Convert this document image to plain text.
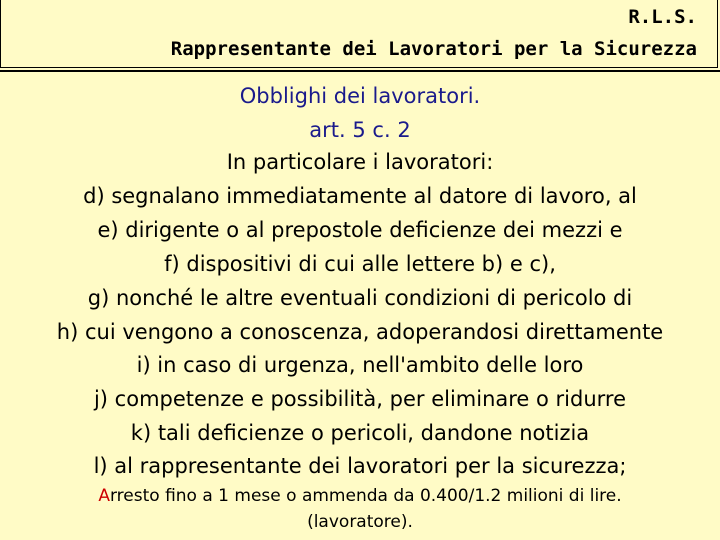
R.L.S.

Rappresentante dei Lavoratori per la Sicurezza

Obblighi dei lavoratori.

art. 5 c. 2

In particolare i lavoratori:

d) segnalano immediatamente al datore di lavoro, al

e) dirigente o al prepostole deficienze dei mezzi e

f) dispositivi di cui alle lettere b) e c),

g) nonché le altre eventuali condizioni di pericolo di

h) cui vengono a conoscenza, adoperandosi direttamente

i) in caso di urgenza, nell'ambito delle loro

j) competenze e possibilità, per eliminare o ridurre

k) tali deficienze o pericoli, dandone notizia

l) al rappresentante dei lavoratori per la sicurezza;

Arresto fino a 1 mese o ammenda da 0.400/1.2 milioni di lire.

(lavoratore).
